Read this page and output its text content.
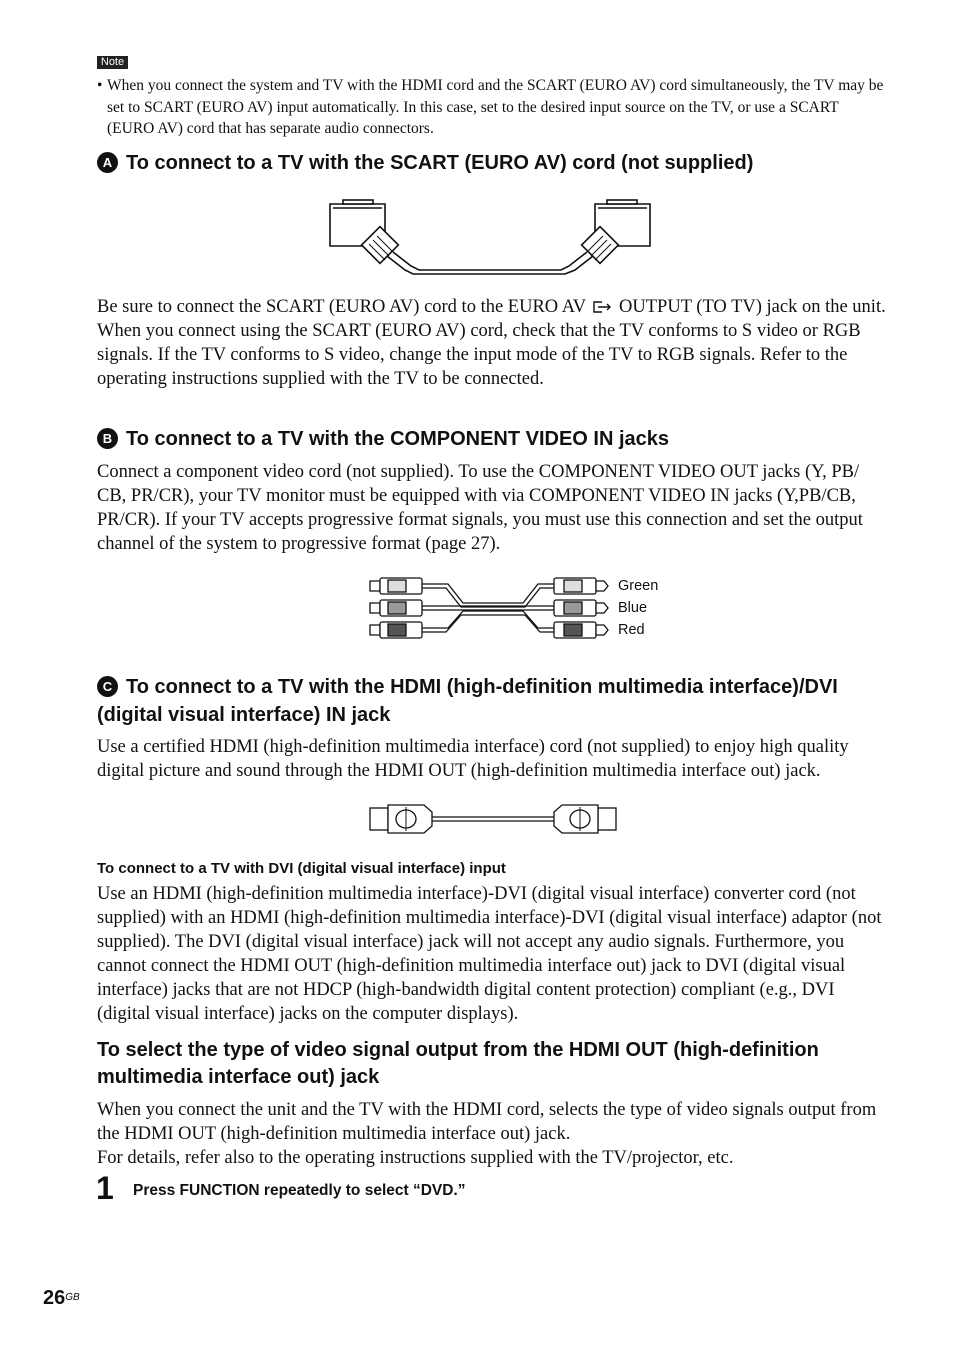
Note
• When you connect the system and TV with the HDMI cord and the SCART (EURO AV) cord simultaneously, the TV may be set to SCART (EURO AV) input automatically. In this case, set to the desired input source on the TV, or use a SCART (EURO AV) cord that has separate audio connectors.
A To connect to a TV with the SCART (EURO AV) cord (not supplied)

Be sure to connect the SCART (EURO AV) cord to the EURO AV  OUTPUT (TO TV) jack on the unit.

When you connect using the SCART (EURO AV) cord, check that the TV conforms to S video or RGB signals. If the TV conforms to S video, change the input mode of the TV to RGB signals. Refer to the operating instructions supplied with the TV to be connected.

B To connect to a TV with the COMPONENT VIDEO IN jacks
Connect a component video cord (not supplied). To use the COMPONENT VIDEO OUT jacks (Y, PB/ CB, PR/CR), your TV monitor must be equipped with via COMPONENT VIDEO IN jacks (Y,PB/CB, PR/CR). If your TV accepts progressive format signals, you must use this connection and set the output channel of the system to progressive format (page 27).
Green
Blue
Red
C To connect to a TV with the HDMI (high-definition multimedia interface)/DVI (digital visual interface) IN jack
Use a certified HDMI (high-definition multimedia interface) cord (not supplied) to enjoy high quality digital picture and sound through the HDMI OUT (high-definition multimedia interface out) jack.
To connect to a TV with DVI (digital visual interface) input
Use an HDMI (high-definition multimedia interface)-DVI (digital visual interface) converter cord (not supplied) with an HDMI (high-definition multimedia interface)-DVI (digital visual interface) adaptor (not supplied). The DVI (digital visual interface) jack will not accept any audio signals. Furthermore, you cannot connect the HDMI OUT (high-definition multimedia interface out) jack to DVI (digital visual interface) jacks that are not HDCP (high-bandwidth digital content protection) compliant (e.g., DVI (digital visual interface) jacks on the computer displays).
To select the type of video signal output from the HDMI OUT (high-definition multimedia interface out) jack

When you connect the unit and the TV with the HDMI cord, selects the type of video signals output from the HDMI OUT (high-definition multimedia interface out) jack.

For details, refer also to the operating instructions supplied with the TV/projector, etc.

1 Press FUNCTION repeatedly to select “DVD.”
$26^{GB}$
